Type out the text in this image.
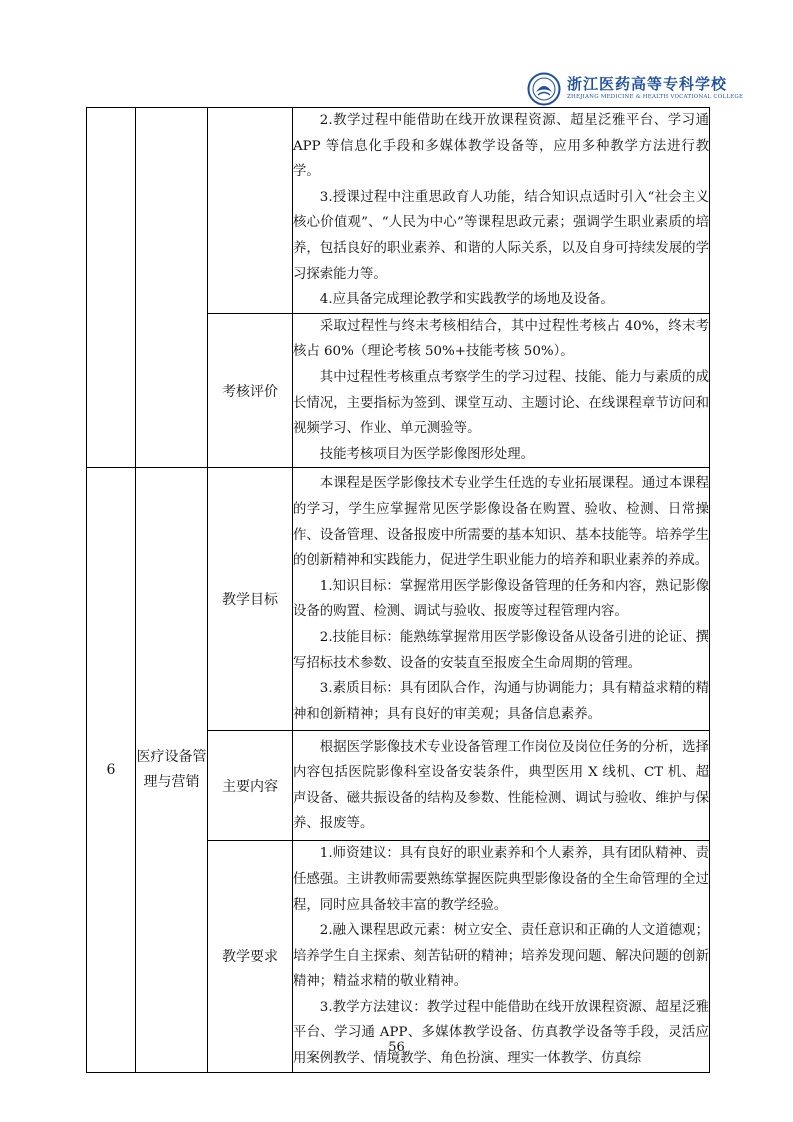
浙江医药高等专科学校
ZHEJIANG MEDICINE & HEALTH VOCATIONAL COLLEGE

			2.教学过程中能借助在线开放课程资源、超星泛雅平台、学习通 APP 等信息化手段和多媒体教学设备等，应用多种教学方法进行教学。

3.授课过程中注重思政育人功能，结合知识点适时引入“社会主义核心价值观”、“人民为中心”等课程思政元素；强调学生职业素质的培养，包括良好的职业素养、和谐的人际关系，以及自身可持续发展的学习探索能力等。

4.应具备完成理论教学和实践教学的场地及设备。

		考核评价	采取过程性与终末考核相结合，其中过程性考核占 40%，终末考核占 60%（理论考核 50%+技能考核 50%）。

其中过程性考核重点考察学生的学习过程、技能、能力与素质的成长情况，主要指标为签到、课堂互动、主题讨论、在线课程章节访问和视频学习、作业、单元测验等。

技能考核项目为医学影像图形处理。

6	医疗设备管理与营销	教学目标	本课程是医学影像技术专业学生任选的专业拓展课程。通过本课程的学习，学生应掌握常见医学影像设备在购置、验收、检测、日常操作、设备管理、设备报废中所需要的基本知识、基本技能等。培养学生的创新精神和实践能力，促进学生职业能力的培养和职业素养的养成。

1.知识目标：掌握常用医学影像设备管理的任务和内容，熟记影像设备的购置、检测、调试与验收、报废等过程管理内容。

2.技能目标：能熟练掌握常用医学影像设备从设备引进的论证、撰写招标技术参数、设备的安装直至报废全生命周期的管理。

3.素质目标：具有团队合作，沟通与协调能力；具有精益求精的精神和创新精神；具有良好的审美观；具备信息素养。

		主要内容	根据医学影像技术专业设备管理工作岗位及岗位任务的分析，选择内容包括医院影像科室设备安装条件，典型医用 X 线机、CT 机、超声设备、磁共振设备的结构及参数、性能检测、调试与验收、维护与保养、报废等。

		教学要求	1.师资建议：具有良好的职业素养和个人素养，具有团队精神、责任感强。主讲教师需要熟练掌握医院典型影像设备的全生命管理的全过程，同时应具备较丰富的教学经验。

2.融入课程思政元素：树立安全、责任意识和正确的人文道德观；培养学生自主探索、刻苦钻研的精神；培养发现问题、解决问题的创新精神；精益求精的敬业精神。

3.教学方法建议：教学过程中能借助在线开放课程资源、超星泛雅平台、学习通 APP、多媒体教学设备、仿真教学设备等手段，灵活应用案例教学、情境教学、角色扮演、理实一体教学、仿真综

56
